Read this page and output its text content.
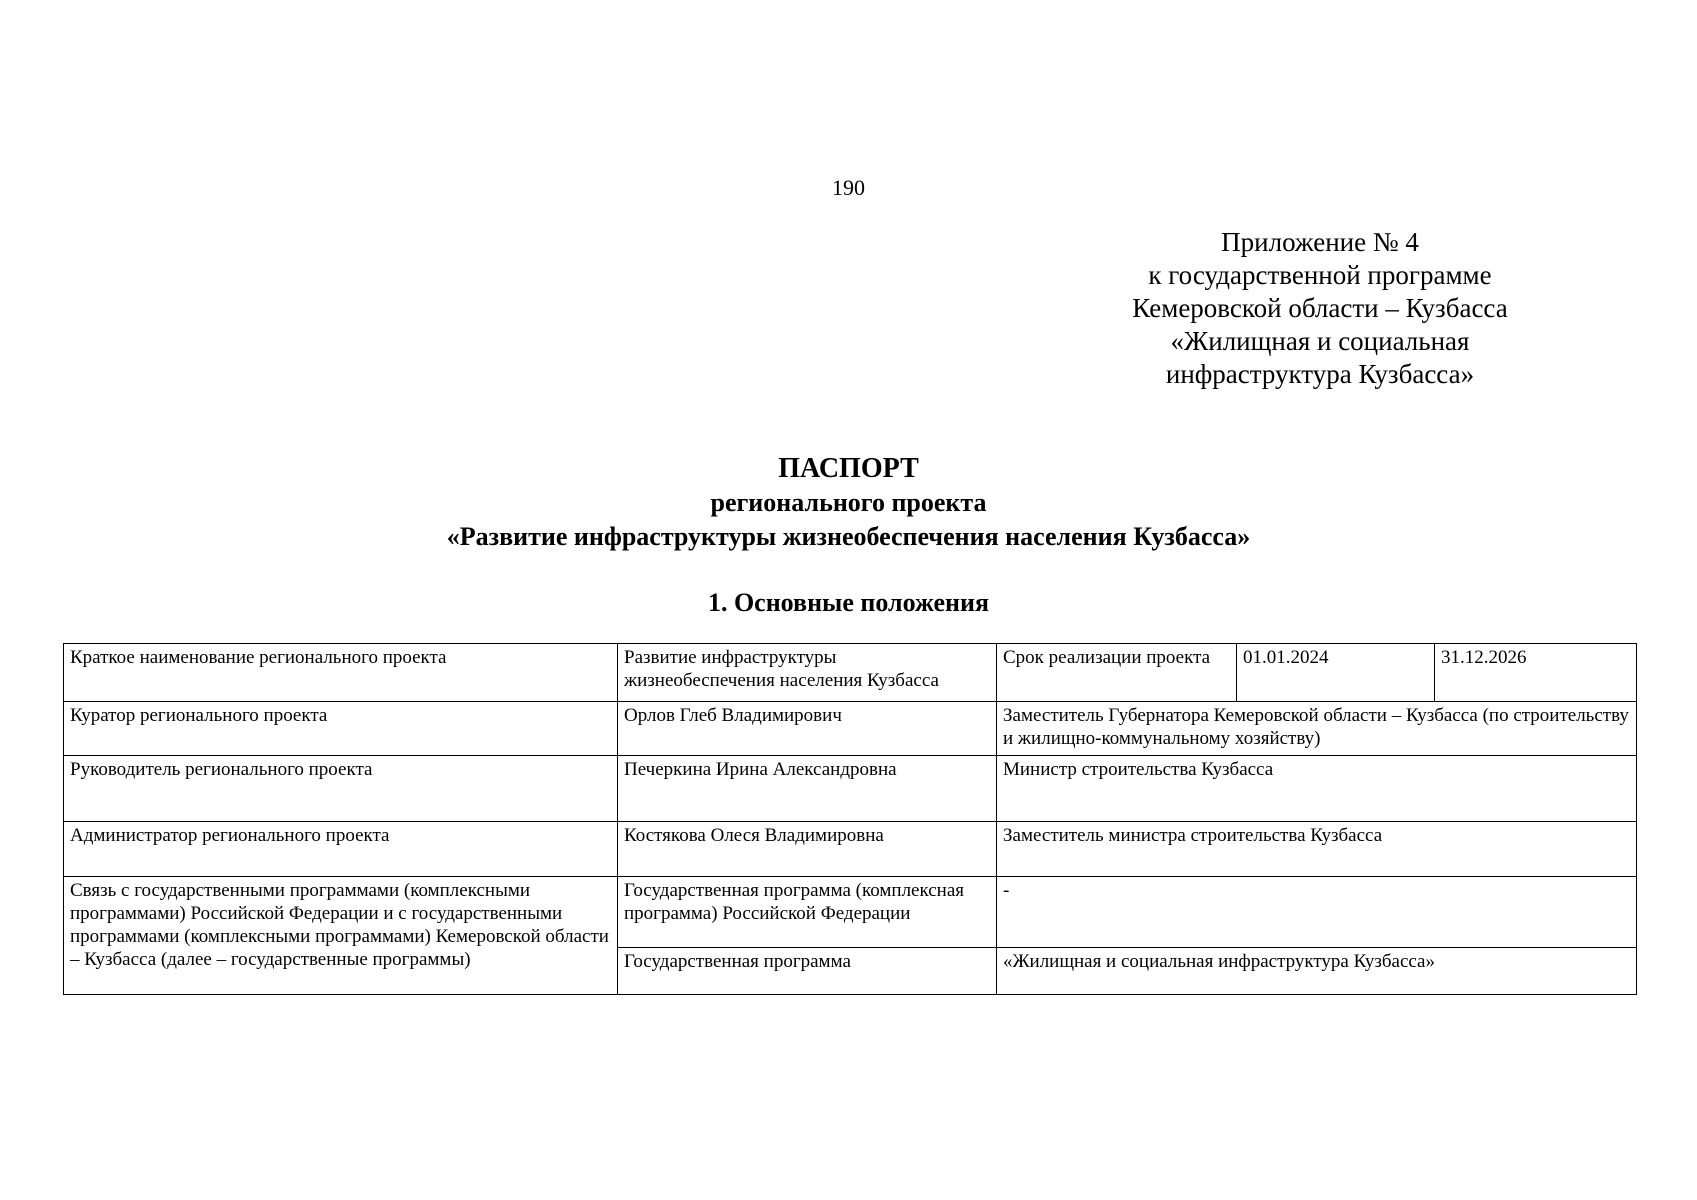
190
Приложение № 4
к государственной программе
Кемеровской области – Кузбасса
«Жилищная и социальная
инфраструктура Кузбасса»
ПАСПОРТ
регионального проекта
«Развитие инфраструктуры жизнеобеспечения населения Кузбасса»
1. Основные положения
Краткое наименование регионального проекта	Развитие инфраструктуры жизнеобеспечения населения Кузбасса	Срок реализации проекта	01.01.2024	31.12.2026
Куратор регионального проекта	Орлов Глеб Владимирович	Заместитель Губернатора Кемеровской области – Кузбасса (по строительству и жилищно-коммунальному хозяйству)		
Руководитель регионального проекта	Печеркина Ирина Александровна	Министр строительства Кузбасса		
Администратор регионального проекта	Костякова Олеся Владимировна	Заместитель министра строительства Кузбасса		
Связь с государственными программами (комплексными программами) Российской Федерации и с государственными программами (комплексными программами) Кемеровской области – Кузбасса (далее – государственные программы)	Государственная программа (комплексная программа) Российской Федерации	-		
	Государственная программа	«Жилищная и социальная инфраструктура Кузбасса»		
